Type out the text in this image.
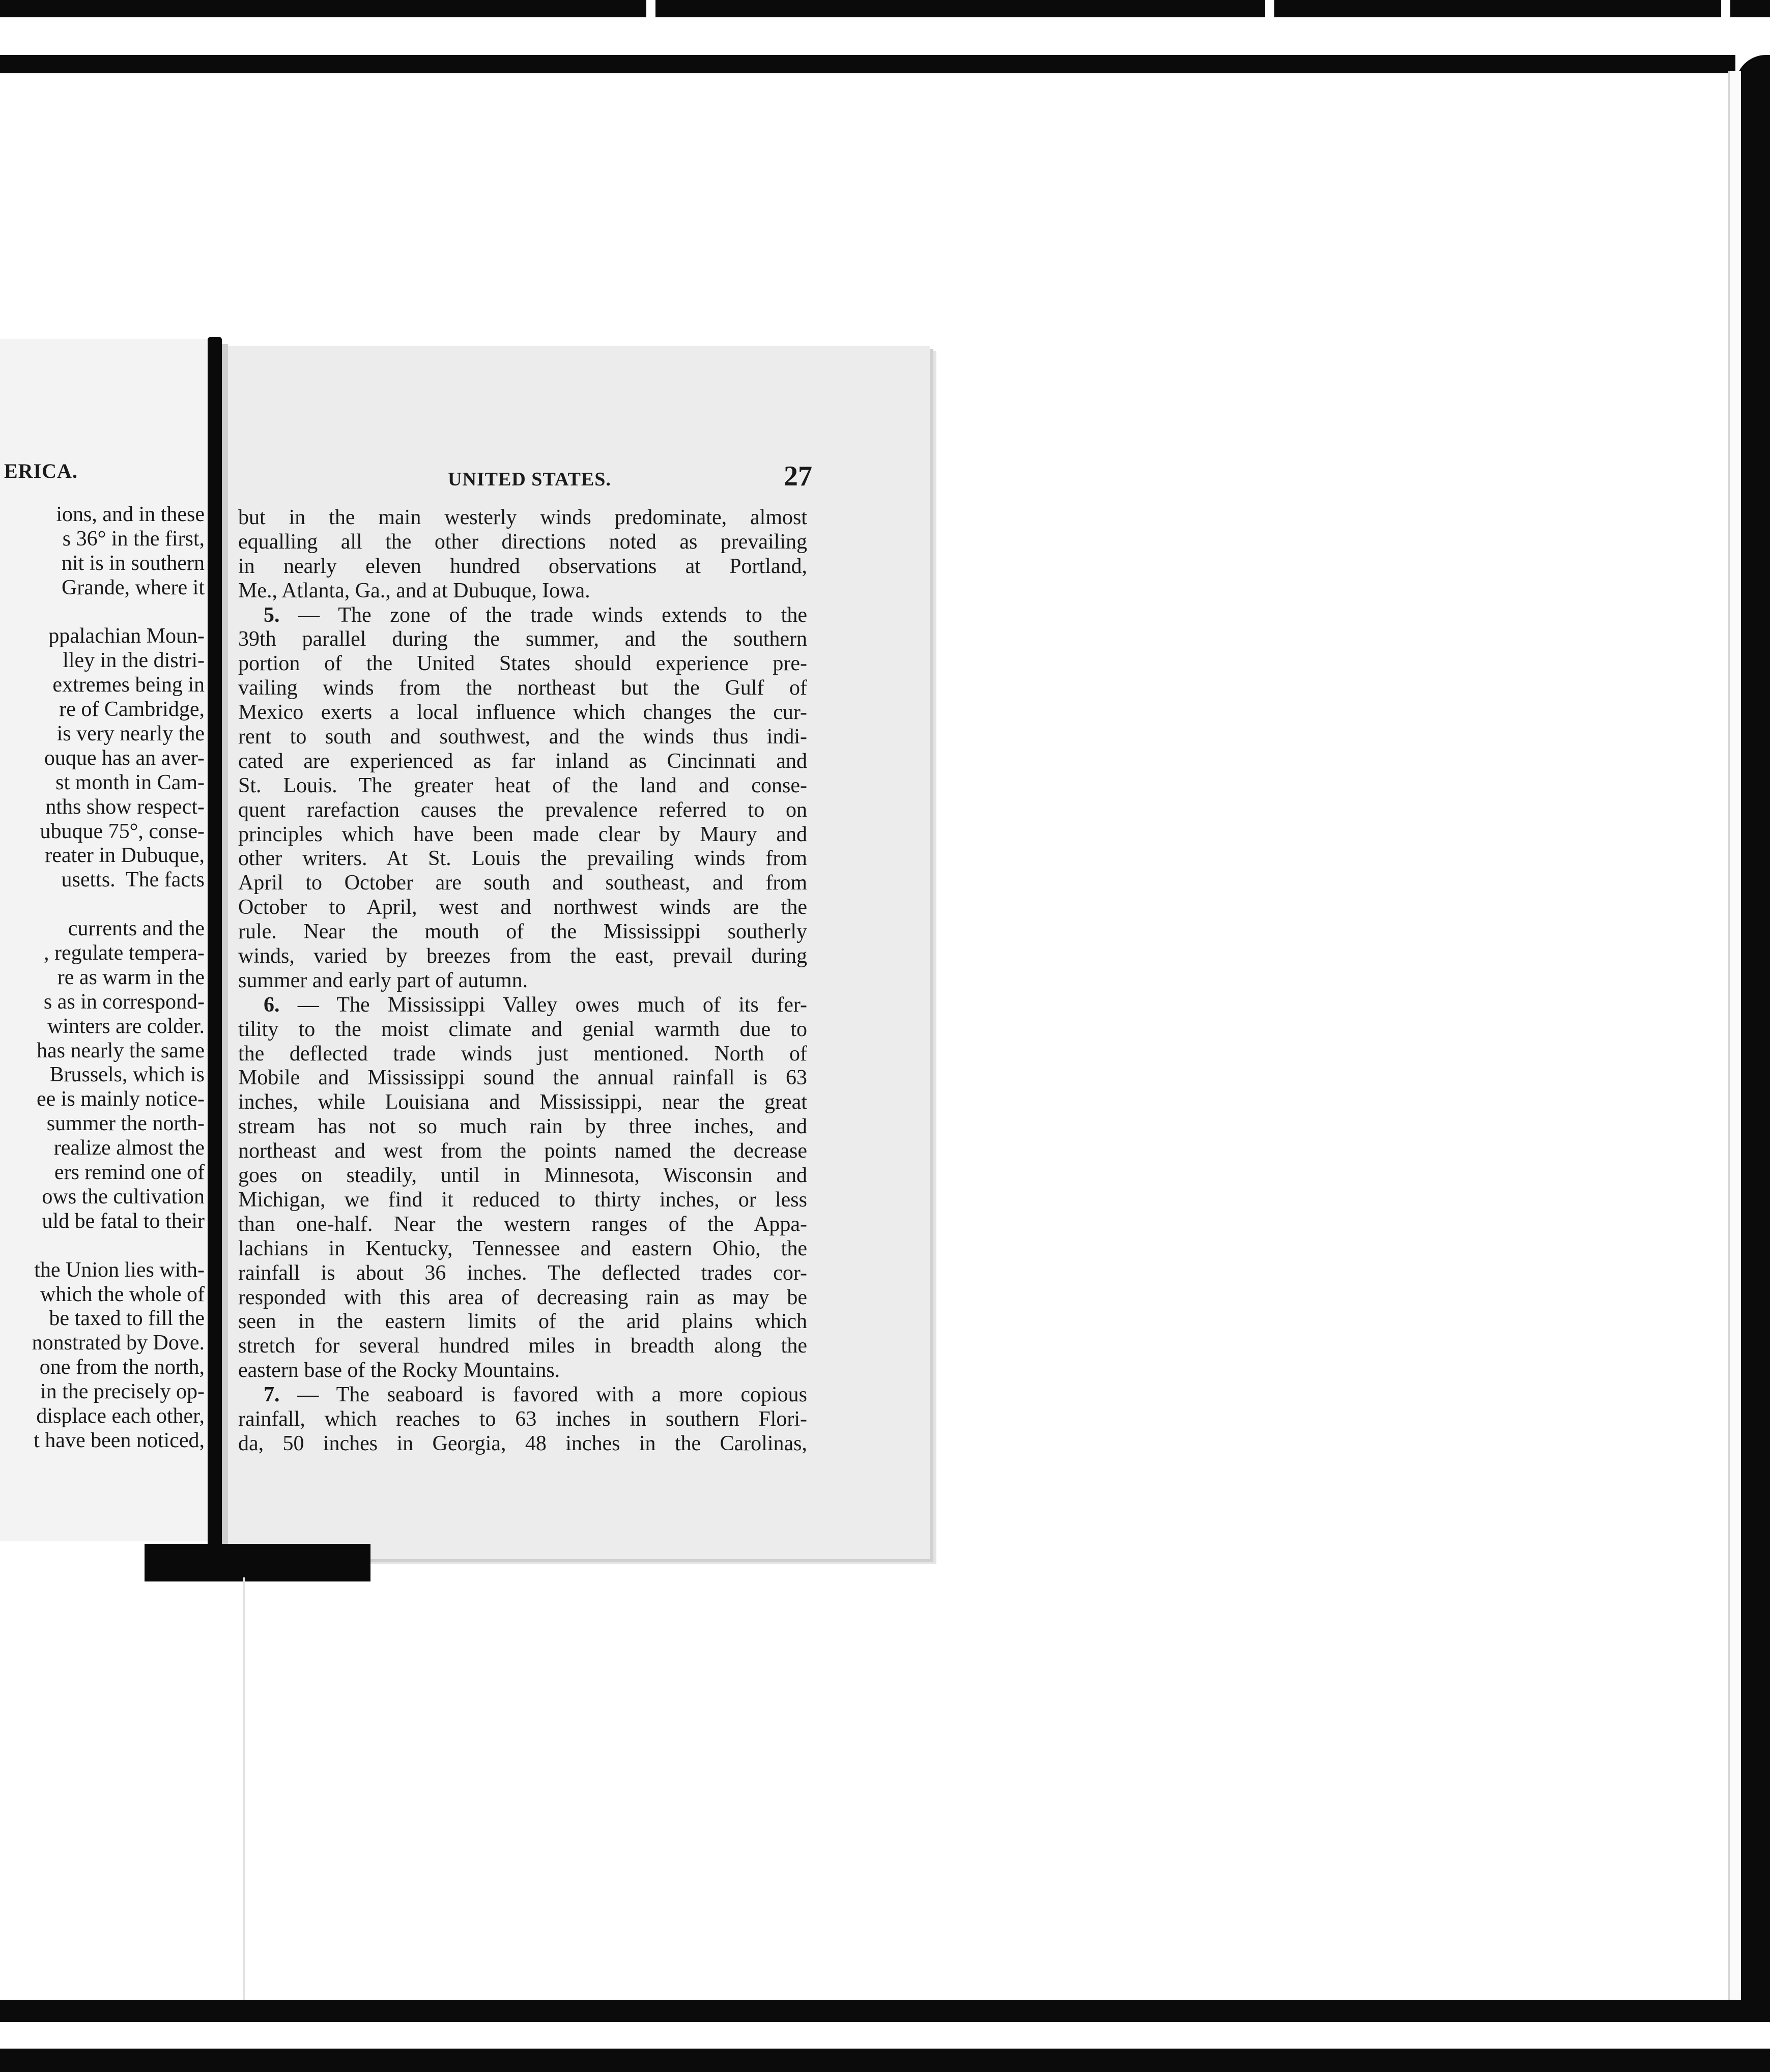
ERICA.
ions, and in these
s 36° in the first,
nit is in southern
Grande, where it
ppalachian Moun-
lley in the distri-
extremes being in
re of Cambridge,
is very nearly the
ouque has an aver-
st month in Cam-
nths show respect-
ubuque 75°, conse-
reater in Dubuque,
usetts.  The facts
currents and the
, regulate tempera-
re as warm in the
s as in correspond-
winters are colder.
has nearly the same
Brussels, which is
ee is mainly notice-
summer the north-
realize almost the
ers remind one of
ows the cultivation
uld be fatal to their
the Union lies with-
which the whole of
be taxed to fill the
nonstrated by Dove.
one from the north,
in the precisely op-
displace each other,
t have been noticed,
UNITED STATES.	27
but in the main westerly winds predominate, almost
equalling all the other directions noted as prevailing
in nearly eleven hundred observations at Portland,
Me., Atlanta, Ga., and at Dubuque, Iowa.
5. — The zone of the trade winds extends to the
39th parallel during the summer, and the southern
portion of the United States should experience pre-
vailing winds from the northeast but the Gulf of
Mexico exerts a local influence which changes the cur-
rent to south and southwest, and the winds thus indi-
cated are experienced as far inland as Cincinnati and
St. Louis. The greater heat of the land and conse-
quent rarefaction causes the prevalence referred to on
principles which have been made clear by Maury and
other writers. At St. Louis the prevailing winds from
April to October are south and southeast, and from
October to April, west and northwest winds are the
rule. Near the mouth of the Mississippi southerly
winds, varied by breezes from the east, prevail during
summer and early part of autumn.
6. — The Mississippi Valley owes much of its fer-
tility to the moist climate and genial warmth due to
the deflected trade winds just mentioned. North of
Mobile and Mississippi sound the annual rainfall is 63
inches, while Louisiana and Mississippi, near the great
stream has not so much rain by three inches, and
northeast and west from the points named the decrease
goes on steadily, until in Minnesota, Wisconsin and
Michigan, we find it reduced to thirty inches, or less
than one-half. Near the western ranges of the Appa-
lachians in Kentucky, Tennessee and eastern Ohio, the
rainfall is about 36 inches. The deflected trades cor-
responded with this area of decreasing rain as may be
seen in the eastern limits of the arid plains which
stretch for several hundred miles in breadth along the
eastern base of the Rocky Mountains.
7. — The seaboard is favored with a more copious
rainfall, which reaches to 63 inches in southern Flori-
da, 50 inches in Georgia, 48 inches in the Carolinas,
